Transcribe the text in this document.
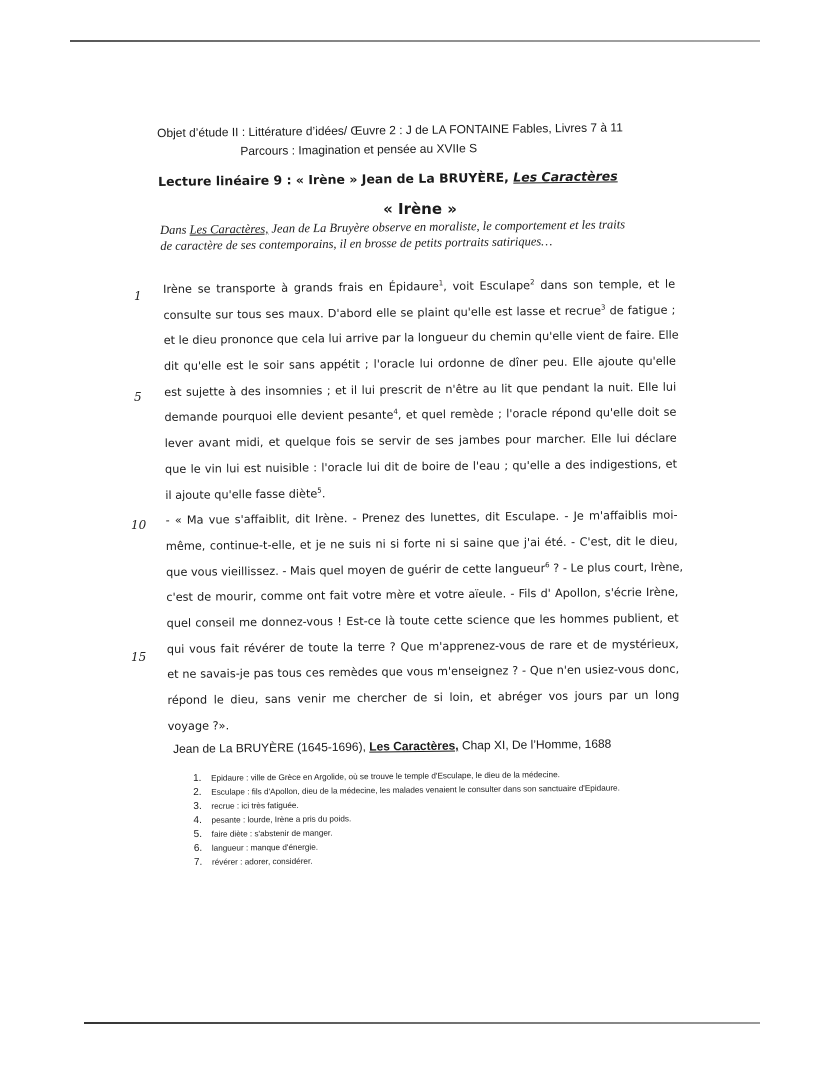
Objet d’étude II : Littérature d’idées/ Œuvre 2 : J de LA FONTAINE Fables, Livres 7 à 11
Parcours : Imagination et pensée au XVIIe S
Lecture linéaire 9 : « Irène » Jean de La BRUYÈRE, Les Caractères
« Irène »
Dans Les Caractères, Jean de La Bruyère observe en moraliste, le comportement et les traits
de caractère de ses contemporains, il en brosse de petits portraits satiriques…
1
5
10
15
Irène se transporte à grands frais en Épidaure$^1$, voit Esculape$^2$ dans son temple, et le
consulte sur tous ses maux. D'abord elle se plaint qu'elle est lasse et recrue$^3$ de fatigue ;
et le dieu prononce que cela lui arrive par la longueur du chemin qu'elle vient de faire. Elle
dit qu'elle est le soir sans appétit ; l'oracle lui ordonne de dîner peu. Elle ajoute qu'elle
est sujette à des insomnies ; et il lui prescrit de n'être au lit que pendant la nuit. Elle lui
demande pourquoi elle devient pesante$^4$, et quel remède ; l'oracle répond qu'elle doit se
lever avant midi, et quelque fois se servir de ses jambes pour marcher. Elle lui déclare
que le vin lui est nuisible : l'oracle lui dit de boire de l'eau ; qu'elle a des indigestions, et
il ajoute qu'elle fasse diète$^5$.
- « Ma vue s'affaiblit, dit Irène. - Prenez des lunettes, dit Esculape. - Je m'affaiblis moi-
même, continue-t-elle, et je ne suis ni si forte ni si saine que j'ai été. - C'est, dit le dieu,
que vous vieillissez. - Mais quel moyen de guérir de cette langueur$^6$ ? - Le plus court, Irène,
c'est de mourir, comme ont fait votre mère et votre aïeule. - Fils d' Apollon, s'écrie Irène,
quel conseil me donnez-vous ! Est-ce là toute cette science que les hommes publient, et
qui vous fait révérer de toute la terre ? Que m'apprenez-vous de rare et de mystérieux,
et ne savais-je pas tous ces remèdes que vous m'enseignez ? - Que n'en usiez-vous donc,
répond le dieu, sans venir me chercher de si loin, et abréger vos jours par un long
voyage ?».
Jean de La BRUYÈRE (1645-1696), Les Caractères, Chap XI, De l’Homme, 1688
1. Epidaure : ville de Grèce en Argolide, où se trouve le temple d'Esculape, le dieu de la médecine.
2. Esculape : fils d'Apollon, dieu de la médecine, les malades venaient le consulter dans son sanctuaire d'Epidaure.
3. recrue : ici très fatiguée.
4. pesante : lourde, Irène a pris du poids.
5. faire diète : s'abstenir de manger.
6. langueur : manque d'énergie.
7. révérer : adorer, considérer.
